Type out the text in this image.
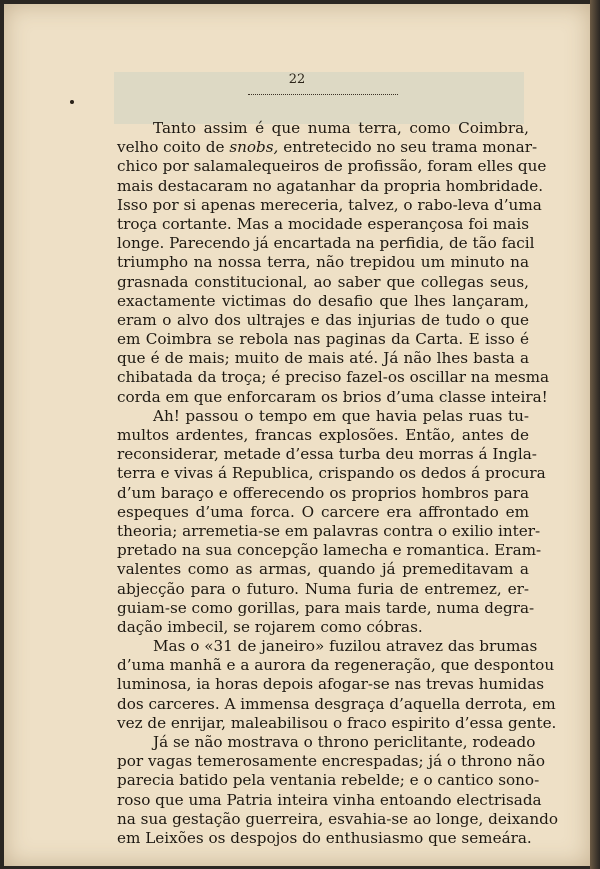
22
Tanto assim é que numa terra, como Coimbra,
velho coito de snobs, entretecido no seu trama monar-
chico por salamalequeiros de profissão, foram elles que
mais destacaram no agatanhar da propria hombridade.
Isso por si apenas mereceria, talvez, o rabo-leva d’uma
troça cortante. Mas a mocidade esperançosa foi mais
longe. Parecendo já encartada na perfidia, de tão facil
triumpho na nossa terra, não trepidou um minuto na
grasnada constitucional, ao saber que collegas seus,
exactamente victimas do desafio que lhes lançaram,
eram o alvo dos ultrajes e das injurias de tudo o que
em Coimbra se rebola nas paginas da Carta. E isso é
que é de mais; muito de mais até. Já não lhes basta a
chibatada da troça; é preciso fazel-os oscillar na mesma
corda em que enforcaram os brios d’uma classe inteira!
Ah! passou o tempo em que havia pelas ruas tu-
multos ardentes, francas explosões. Então, antes de
reconsiderar, metade d’essa turba deu morras á Ingla-
terra e vivas á Republica, crispando os dedos á procura
d’um baraço e offerecendo os proprios hombros para
espeques d’uma forca. O carcere era affrontado em
theoria; arremetia-se em palavras contra o exilio inter-
pretado na sua concepção lamecha e romantica. Eram-
valentes como as armas, quando já premeditavam a
abjecção para o futuro. Numa furia de entremez, er-
guiam-se como gorillas, para mais tarde, numa degra-
dação imbecil, se rojarem como cóbras.
Mas o «31 de janeiro» fuzilou atravez das brumas
d’uma manhã e a aurora da regeneração, que despontou
luminosa, ia horas depois afogar-se nas trevas humidas
dos carceres. A immensa desgraça d’aquella derrota, em
vez de enrijar, maleabilisou o fraco espirito d’essa gente.
Já se não mostrava o throno periclitante, rodeado
por vagas temerosamente encrespadas; já o throno não
parecia batido pela ventania rebelde; e o cantico sono-
roso que uma Patria inteira vinha entoando electrisada
na sua gestação guerreira, esvahia-se ao longe, deixando
em Leixões os despojos do enthusiasmo que semeára.
